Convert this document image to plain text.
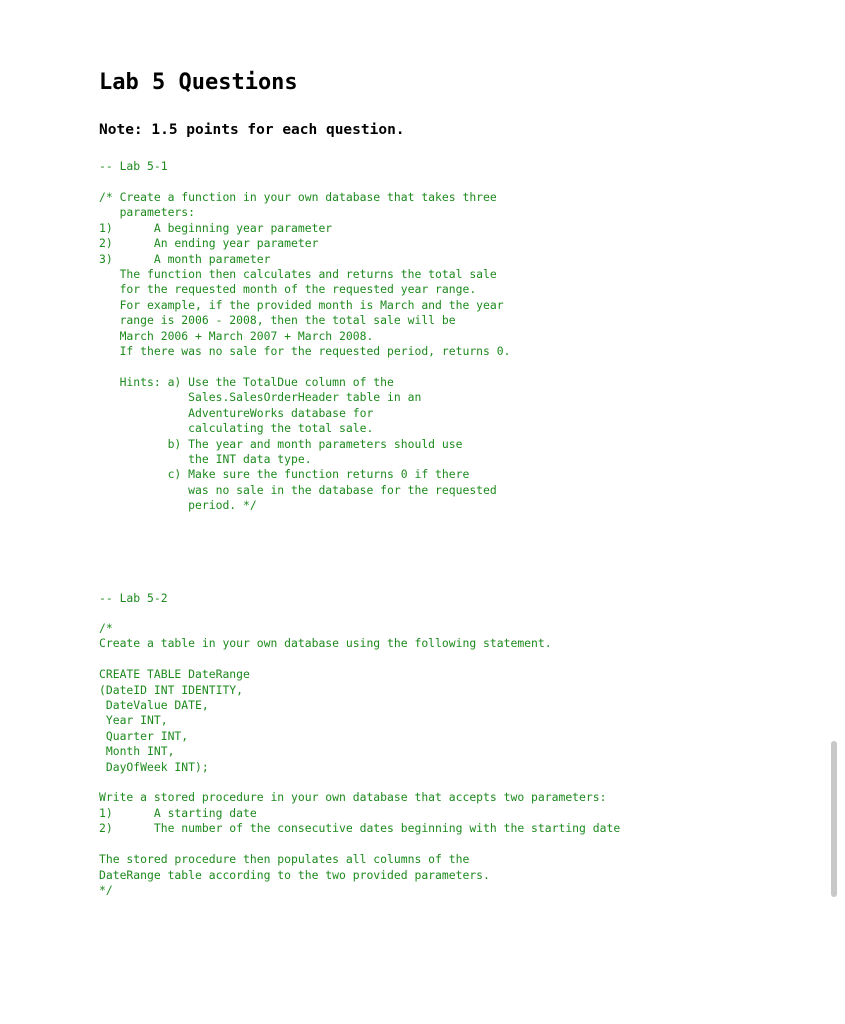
Lab 5 Questions
Note: 1.5 points for each question.
-- Lab 5-1
/* Create a function in your own database that takes three
parameters:
1)      A beginning year parameter
2)      An ending year parameter
3)      A month parameter
The function then calculates and returns the total sale
for the requested month of the requested year range.
For example, if the provided month is March and the year
range is 2006 - 2008, then the total sale will be
March 2006 + March 2007 + March 2008.
If there was no sale for the requested period, returns 0.

Hints: a) Use the TotalDue column of the
Sales.SalesOrderHeader table in an
AdventureWorks database for
calculating the total sale.
b) The year and month parameters should use
the INT data type.
c) Make sure the function returns 0 if there
was no sale in the database for the requested
period. */
-- Lab 5-2
/*
Create a table in your own database using the following statement.

CREATE TABLE DateRange
(DateID INT IDENTITY,
DateValue DATE,
Year INT,
Quarter INT,
Month INT,
DayOfWeek INT);

Write a stored procedure in your own database that accepts two parameters:
1)      A starting date
2)      The number of the consecutive dates beginning with the starting date

The stored procedure then populates all columns of the
DateRange table according to the two provided parameters.
*/
